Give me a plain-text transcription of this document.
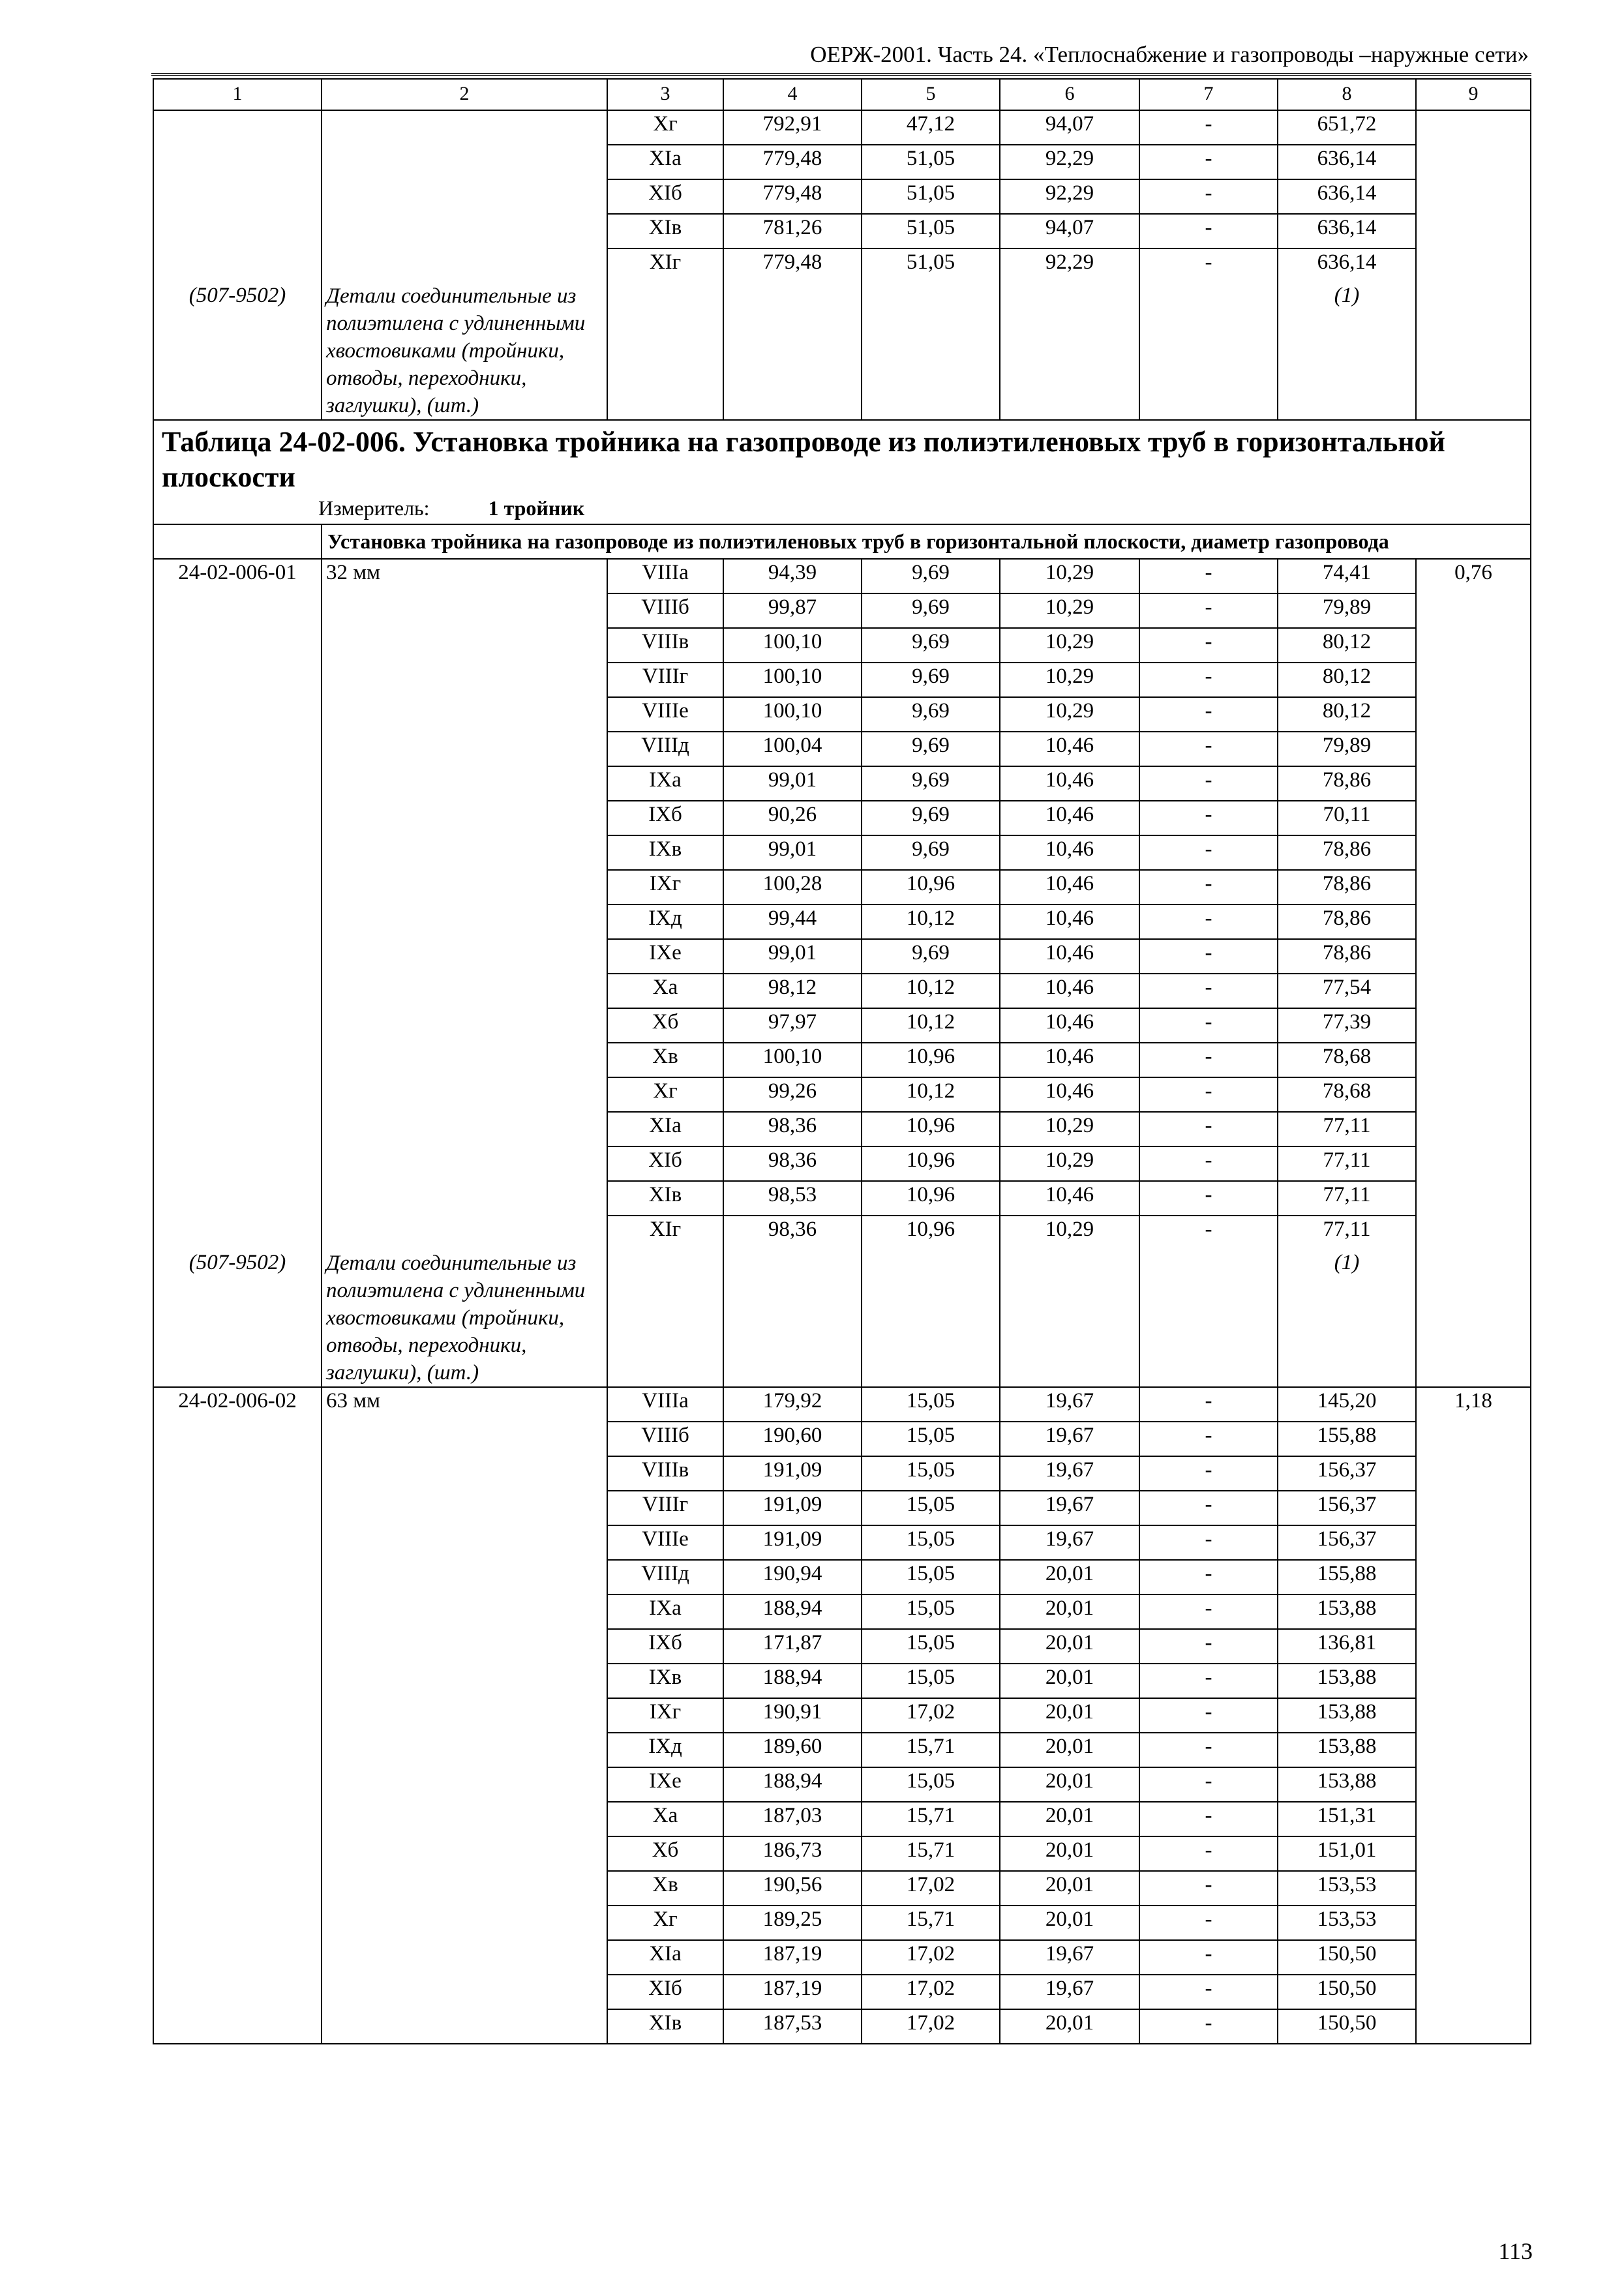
ОЕРЖ-2001. Часть 24. «Теплоснабжение и газопроводы –наружные сети»
1	2	3	4	5	6	7	8	9
		Хг	792,91	47,12	94,07	-	651,72	
		XIа	779,48	51,05	92,29	-	636,14	
		XIб	779,48	51,05	92,29	-	636,14	
		XIв	781,26	51,05	94,07	-	636,14	
		XIг	779,48	51,05	92,29	-	636,14	
(507-9502)	Детали соединительные из полиэтилена с удлиненными хвостовиками (тройники, отводы, переходники, заглушки), (шт.)						(1)	

Таблица 24-02-006. Установка тройника на газопроводе из полиэтиленовых труб в горизонтальной плоскости
Измеритель: 1 тройник								

	Установка тройника на газопроводе из полиэтиленовых труб в горизонтальной плоскости, диаметр газопровода							
24-02-006-01	32 мм	VIIIа	94,39	9,69	10,29	-	74,41	0,76
		VIIIб	99,87	9,69	10,29	-	79,89	
		VIIIв	100,10	9,69	10,29	-	80,12	
		VIIIг	100,10	9,69	10,29	-	80,12	
		VIIIе	100,10	9,69	10,29	-	80,12	
		VIIIд	100,04	9,69	10,46	-	79,89	
		IXа	99,01	9,69	10,46	-	78,86	
		IXб	90,26	9,69	10,46	-	70,11	
		IXв	99,01	9,69	10,46	-	78,86	
		IXг	100,28	10,96	10,46	-	78,86	
		IXд	99,44	10,12	10,46	-	78,86	
		IXе	99,01	9,69	10,46	-	78,86	
		Ха	98,12	10,12	10,46	-	77,54	
		Хб	97,97	10,12	10,46	-	77,39	
		Хв	100,10	10,96	10,46	-	78,68	
		Хг	99,26	10,12	10,46	-	78,68	
		XIа	98,36	10,96	10,29	-	77,11	
		XIб	98,36	10,96	10,29	-	77,11	
		XIв	98,53	10,96	10,46	-	77,11	
		XIг	98,36	10,96	10,29	-	77,11	
(507-9502)	Детали соединительные из полиэтилена с удлиненными хвостовиками (тройники, отводы, переходники, заглушки), (шт.)						(1)	
24-02-006-02	63 мм	VIIIа	179,92	15,05	19,67	-	145,20	1,18
		VIIIб	190,60	15,05	19,67	-	155,88	
		VIIIв	191,09	15,05	19,67	-	156,37	
		VIIIг	191,09	15,05	19,67	-	156,37	
		VIIIе	191,09	15,05	19,67	-	156,37	
		VIIIд	190,94	15,05	20,01	-	155,88	
		IXа	188,94	15,05	20,01	-	153,88	
		IXб	171,87	15,05	20,01	-	136,81	
		IXв	188,94	15,05	20,01	-	153,88	
		IXг	190,91	17,02	20,01	-	153,88	
		IXд	189,60	15,71	20,01	-	153,88	
		IXе	188,94	15,05	20,01	-	153,88	
		Ха	187,03	15,71	20,01	-	151,31	
		Хб	186,73	15,71	20,01	-	151,01	
		Хв	190,56	17,02	20,01	-	153,53	
		Хг	189,25	15,71	20,01	-	153,53	
		XIа	187,19	17,02	19,67	-	150,50	
		XIб	187,19	17,02	19,67	-	150,50	
		XIв	187,53	17,02	20,01	-	150,50	
113
